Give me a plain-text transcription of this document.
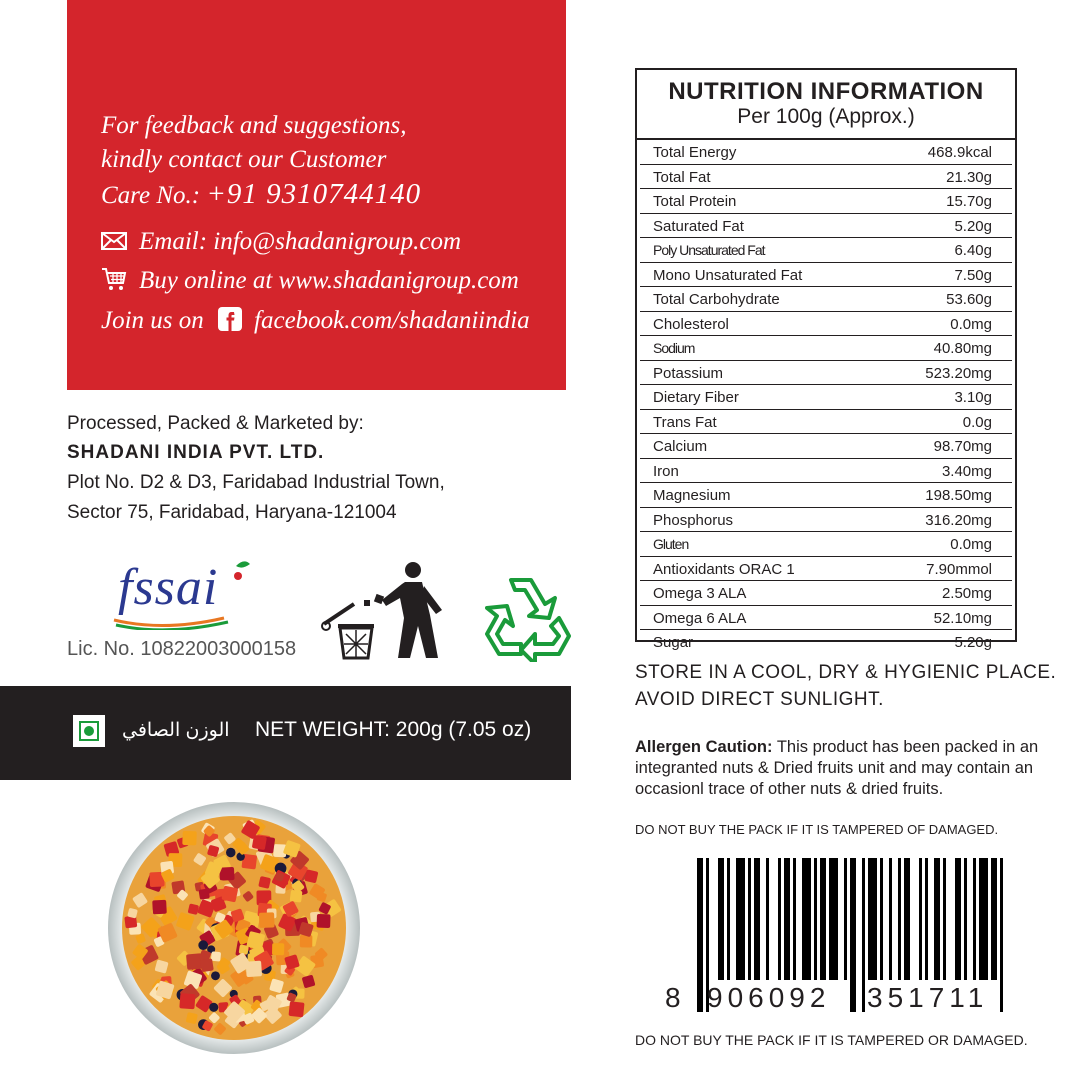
For feedback and suggestions,
kindly contact our Customer
Care No.: +91 9310744140
Email: info@shadanigroup.com
Buy online at www.shadanigroup.com
Join us on facebook.com/shadaniindia
Processed, Packed & Marketed by:
SHADANI INDIA PVT. LTD.
Plot No. D2 & D3, Faridabad Industrial Town,
Sector 75, Faridabad, Haryana-121004
fssai
Lic. No. 10822003000158
الوزن الصافي NET WEIGHT: 200g (7.05 oz)
NUTRITION INFORMATION
Per 100g (Approx.)
Total Energy	468.9kcal
Total Fat	21.30g
Total Protein	15.70g
Saturated Fat	5.20g
Poly Unsaturated Fat	6.40g
Mono Unsaturated Fat	7.50g
Total Carbohydrate	53.60g
Cholesterol	0.0mg
Sodium	40.80mg
Potassium	523.20mg
Dietary Fiber	3.10g
Trans Fat	0.0g
Calcium	98.70mg
Iron	3.40mg
Magnesium	198.50mg
Phosphorus	316.20mg
Gluten	0.0mg
Antioxidants ORAC 1	7.90mmol
Omega 3 ALA	2.50mg
Omega 6 ALA	52.10mg
Sugar	5.20g
STORE IN A COOL, DRY & HYGIENIC PLACE.
AVOID DIRECT SUNLIGHT.
Allergen Caution: This product has been packed in an
integranted nuts & Dried fruits unit and may contain an
occasionl trace of other nuts & dried fruits.
DO NOT BUY THE PACK IF IT IS TAMPERED OF DAMAGED.
8 906092 351711
DO NOT BUY THE PACK IF IT IS TAMPERED OR DAMAGED.
